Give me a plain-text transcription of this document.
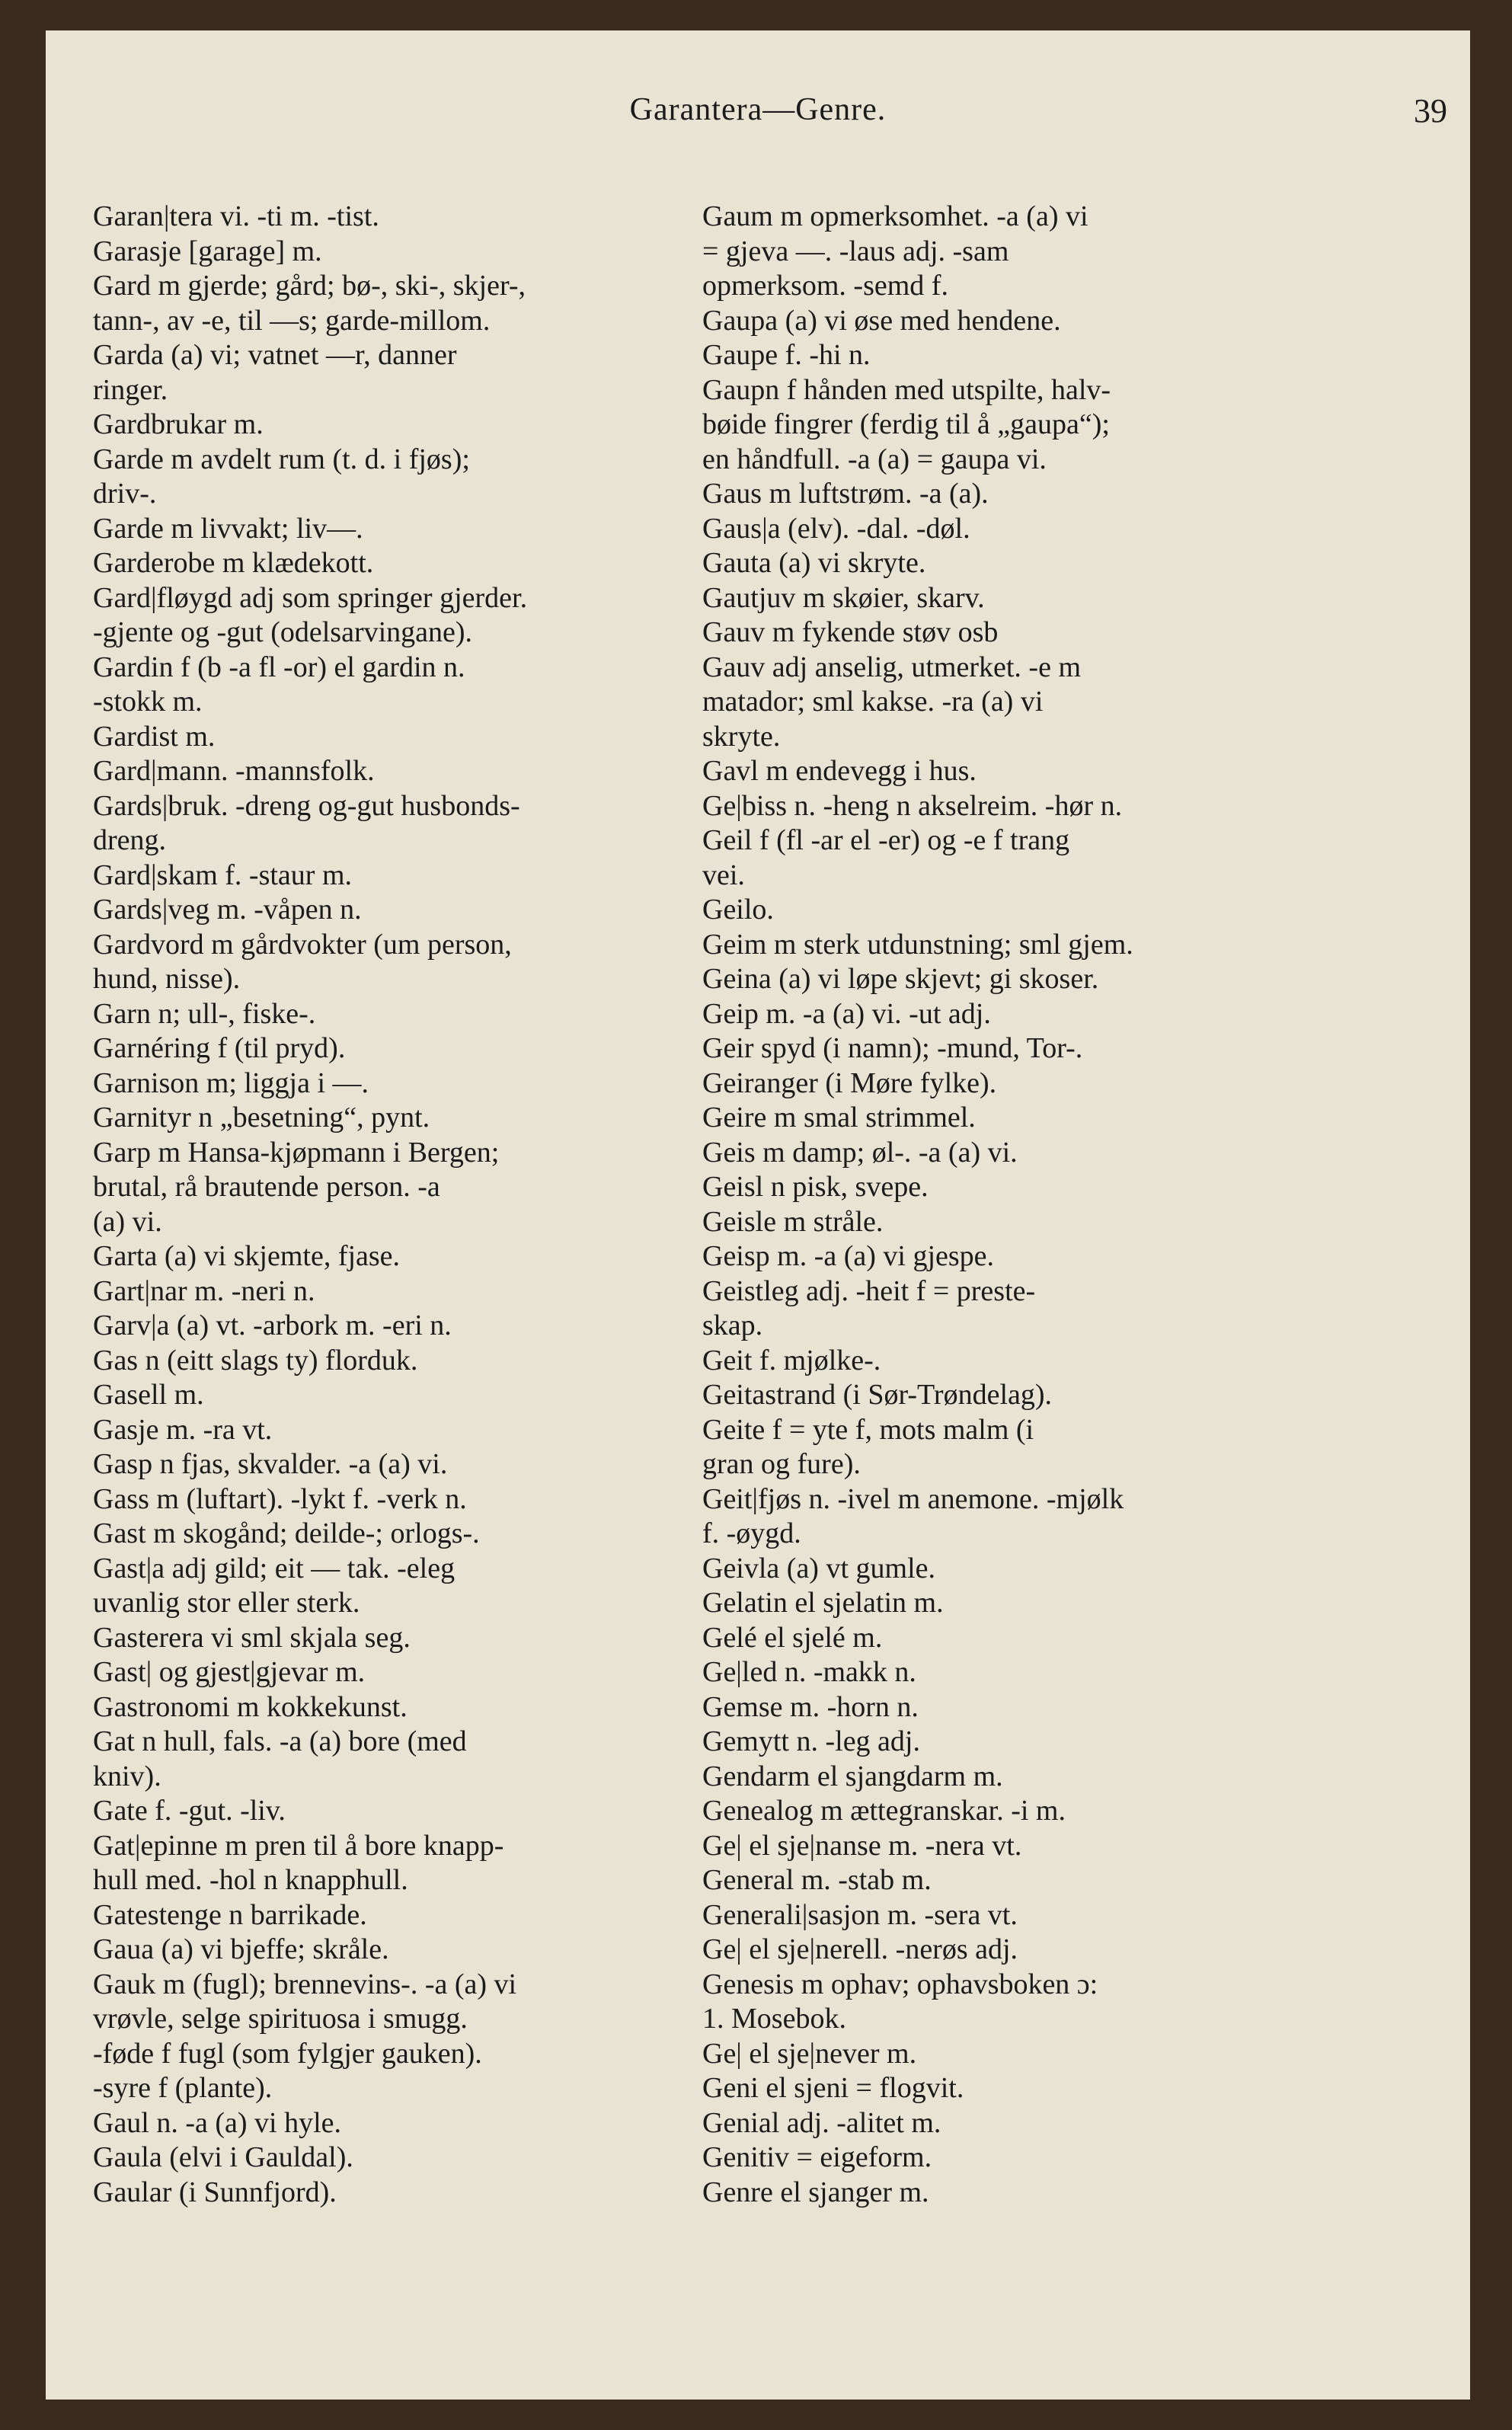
Garantera—Genre.	39
Garan|tera vi. -ti m. -tist.
Garasje [garage] m.
Gard m gjerde; gård; bø-, ski-, skjer-,
tann-, av -e, til —s; garde-millom.
Garda (a) vi; vatnet —r, danner
ringer.
Gardbrukar m.
Garde m avdelt rum (t. d. i fjøs);
driv-.
Garde m livvakt; liv—.
Garderobe m klædekott.
Gard|fløygd adj som springer gjerder.
-gjente og -gut (odelsarvingane).
Gardin f (b -a fl -or) el gardin n.
-stokk m.
Gardist m.
Gard|mann. -mannsfolk.
Gards|bruk. -dreng og-gut husbonds-
dreng.
Gard|skam f. -staur m.
Gards|veg m. -våpen n.
Gardvord m gårdvokter (um person,
hund, nisse).
Garn n; ull-, fiske-.
Garnéring f (til pryd).
Garnison m; liggja i —.
Garnityr n „besetning“, pynt.
Garp m Hansa-kjøpmann i Bergen;
brutal, rå brautende person. -a
(a) vi.
Garta (a) vi skjemte, fjase.
Gart|nar m. -neri n.
Garv|a (a) vt. -arbork m. -eri n.
Gas n (eitt slags ty) florduk.
Gasell m.
Gasje m. -ra vt.
Gasp n fjas, skvalder. -a (a) vi.
Gass m (luftart). -lykt f. -verk n.
Gast m skogånd; deilde-; orlogs-.
Gast|a adj gild; eit — tak. -eleg
uvanlig stor eller sterk.
Gasterera vi sml skjala seg.
Gast| og gjest|gjevar m.
Gastronomi m kokkekunst.
Gat n hull, fals. -a (a) bore (med
kniv).
Gate f. -gut. -liv.
Gat|epinne m pren til å bore knapp-
hull med. -hol n knapphull.
Gatestenge n barrikade.
Gaua (a) vi bjeffe; skråle.
Gauk m (fugl); brennevins-. -a (a) vi
vrøvle, selge spirituosa i smugg.
-føde f fugl (som fylgjer gauken).
-syre f (plante).
Gaul n. -a (a) vi hyle.
Gaula (elvi i Gauldal).
Gaular (i Sunnfjord).
Gaum m opmerksomhet. -a (a) vi
= gjeva —. -laus adj. -sam
opmerksom. -semd f.
Gaupa (a) vi øse med hendene.
Gaupe f. -hi n.
Gaupn f hånden med utspilte, halv-
bøide fingrer (ferdig til å „gaupa“);
en håndfull. -a (a) = gaupa vi.
Gaus m luftstrøm. -a (a).
Gaus|a (elv). -dal. -døl.
Gauta (a) vi skryte.
Gautjuv m skøier, skarv.
Gauv m fykende støv osb
Gauv adj anselig, utmerket. -e m
matador; sml kakse. -ra (a) vi
skryte.
Gavl m endevegg i hus.
Ge|biss n. -heng n akselreim. -hør n.
Geil f (fl -ar el -er) og -e f trang
vei.
Geilo.
Geim m sterk utdunstning; sml gjem.
Geina (a) vi løpe skjevt; gi skoser.
Geip m. -a (a) vi. -ut adj.
Geir spyd (i namn); -mund, Tor-.
Geiranger (i Møre fylke).
Geire m smal strimmel.
Geis m damp; øl-. -a (a) vi.
Geisl n pisk, svepe.
Geisle m stråle.
Geisp m. -a (a) vi gjespe.
Geistleg adj. -heit f = preste-
skap.
Geit f. mjølke-.
Geitastrand (i Sør-Trøndelag).
Geite f = yte f, mots malm (i
gran og fure).
Geit|fjøs n. -ivel m anemone. -mjølk
f. -øygd.
Geivla (a) vt gumle.
Gelatin el sjelatin m.
Gelé el sjelé m.
Ge|led n. -makk n.
Gemse m. -horn n.
Gemytt n. -leg adj.
Gendarm el sjangdarm m.
Genealog m ættegranskar. -i m.
Ge| el sje|nanse m. -nera vt.
General m. -stab m.
Generali|sasjon m. -sera vt.
Ge| el sje|nerell. -nerøs adj.
Genesis m ophav; ophavsboken ɔ:
1. Mosebok.
Ge| el sje|never m.
Geni el sjeni = flogvit.
Genial adj. -alitet m.
Genitiv = eigeform.
Genre el sjanger m.
